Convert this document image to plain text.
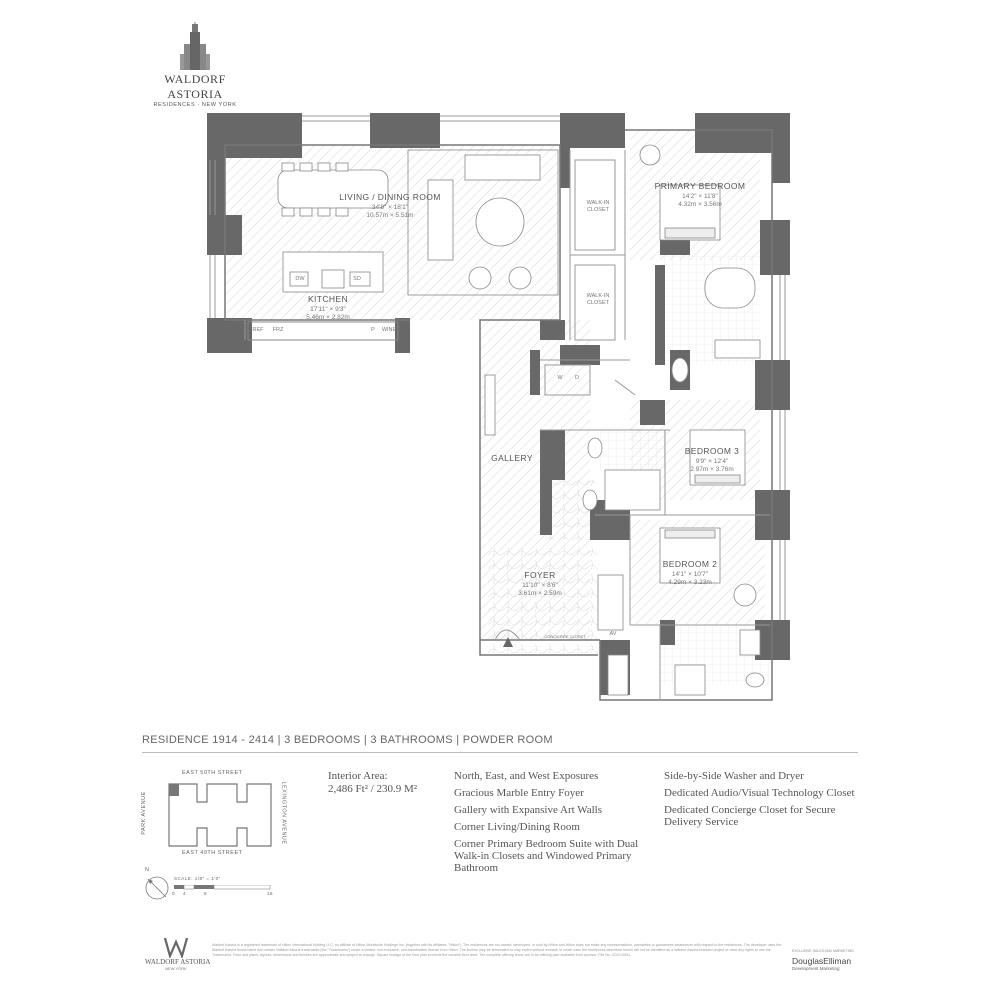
WALDORF ASTORIA
RESIDENCES · NEW YORK
LIVING / DINING ROOM
34'8" × 18'1"
10.57m × 5.51m
KITCHEN
17'11" × 9'3"
5.46m × 2.82m
PRIMARY BEDROOM
14'2" × 11'8"
4.32m × 3.56m
BEDROOM 3
9'9" × 12'4"
2.97m × 3.76m
BEDROOM 2
14'1" × 10'7"
4.29m × 3.23m
FOYER
11'10" × 8'6"
3.61m × 2.59m
GALLERY
WALK-IN
CLOSET
WALK-IN
CLOSET
DW	SD
REF FRZ	P	WINE
W	D
AV
CONCIERGE CLOSET
RESIDENCE 1914 - 2414 | 3 BEDROOMS | 3 BATHROOMS | POWDER ROOM
EAST 50TH STREET
EAST 49TH STREET
PARK AVENUE	LEXINGTON AVENUE
N
SCALE: 1/8" = 1'0"
0 4	8	16
Interior Area:
2,486 Ft² / 230.9 M²
North, East, and West Exposures
Gracious Marble Entry Foyer
Gallery with Expansive Art Walls
Corner Living/Dining Room
Corner Primary Bedroom Suite with Dual Walk-in Closets and Windowed Primary Bathroom
Side-by-Side Washer and Dryer
Dedicated Audio/Visual Technology Closet
Dedicated Concierge Closet for Secure Delivery Service
WALDORF ASTORIA
NEW YORK
Waldorf Astoria is a registered trademark of Hilton International Holding LLC, an affiliate of Hilton Worldwide Holdings Inc. (together with its affiliates, "Hilton"). The residences are not owned, developed, or sold by Hilton and Hilton does not make any representations, warranties or guarantees whatsoever with respect to the residences. The developer uses the Waldorf Astoria brand name and certain Waldorf Astoria trademarks (the "Trademarks") under a limited, non-exclusive, non-transferable license from Hilton. The license may be terminated or may expire without renewal, in which case the residences described herein will not be identified as a Waldorf Astoria branded project or have any rights to use the Trademarks. Floor and plans, layouts, dimensions and finishes are approximate and subject to change. Square footage of the floor plan exceeds the useable floor area. The complete offering terms are in an offering plan available from sponsor. File No. CD21-0001.
EXCLUSIVE SALES AND MARKETING
DouglasElliman
Development Marketing
